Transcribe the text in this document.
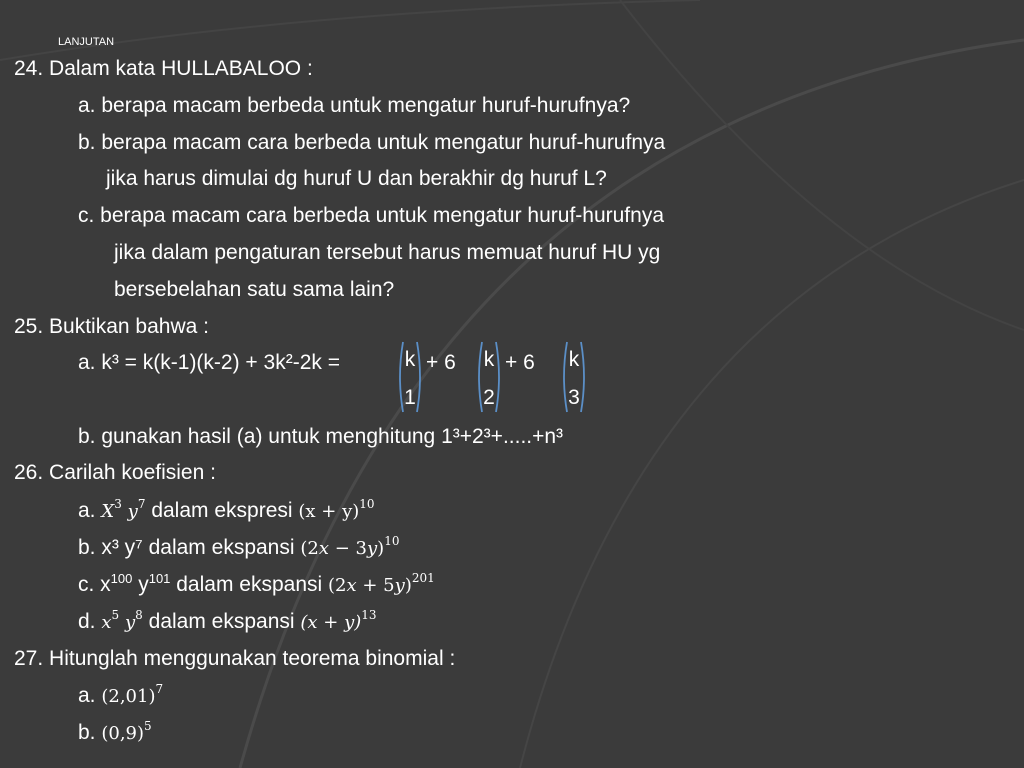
LANJUTAN
24. Dalam kata HULLABALOO :
a. berapa macam berbeda untuk mengatur huruf-hurufnya?
b. berapa macam cara berbeda untuk mengatur huruf-hurufnya
jika harus dimulai dg huruf U dan berakhir dg huruf L?
c. berapa macam cara berbeda untuk mengatur huruf-hurufnya
jika dalam pengaturan tersebut harus memuat huruf HU yg
bersebelahan satu sama lain?
25. Buktikan bahwa :
a. k³ = k(k-1)(k-2) + 3k²-2k =	k
1
+ 6	k
2
+ 6	k
3
b. gunakan hasil (a) untuk menghitung 1³+2³+.....+n³
26. Carilah koefisien :
a. $X^3$ $y^7$ dalam ekspresi $(x + y)^{10}$
b. x³ y⁷ dalam ekspansi $(2x - 3y)^{10}$
c. $x^{100}$ $y^{101}$ dalam ekspansi $(2x + 5y)^{201}$
d. $x^5$ $y^8$ dalam ekspansi $(x + y)^{13}$
27. Hitunglah menggunakan teorema binomial :
a. $(2,01)^7$
b. $(0,9)^5$
